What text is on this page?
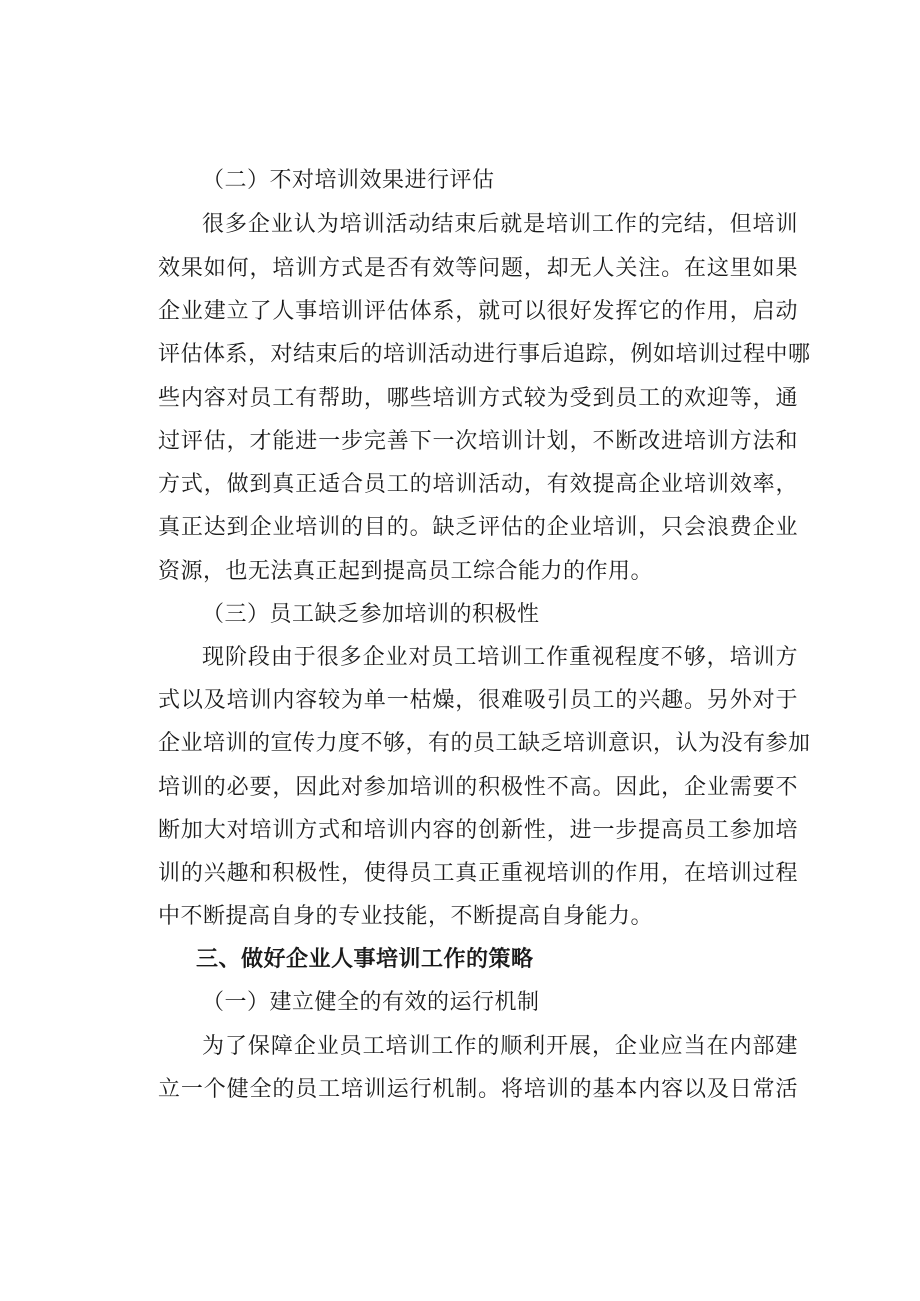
（二）不对培训效果进行评估
很多企业认为培训活动结束后就是培训工作的完结，但培训
效果如何，培训方式是否有效等问题，却无人关注。在这里如果
企业建立了人事培训评估体系，就可以很好发挥它的作用，启动
评估体系，对结束后的培训活动进行事后追踪，例如培训过程中哪
些内容对员工有帮助，哪些培训方式较为受到员工的欢迎等，通
过评估，才能进一步完善下一次培训计划，不断改进培训方法和
方式，做到真正适合员工的培训活动，有效提高企业培训效率，
真正达到企业培训的目的。缺乏评估的企业培训，只会浪费企业
资源，也无法真正起到提高员工综合能力的作用。
（三）员工缺乏参加培训的积极性
现阶段由于很多企业对员工培训工作重视程度不够，培训方
式以及培训内容较为单一枯燥，很难吸引员工的兴趣。另外对于
企业培训的宣传力度不够，有的员工缺乏培训意识，认为没有参加
培训的必要，因此对参加培训的积极性不高。因此，企业需要不
断加大对培训方式和培训内容的创新性，进一步提高员工参加培
训的兴趣和积极性，使得员工真正重视培训的作用，在培训过程
中不断提高自身的专业技能，不断提高自身能力。
三、做好企业人事培训工作的策略
（一）建立健全的有效的运行机制
为了保障企业员工培训工作的顺利开展，企业应当在内部建
立一个健全的员工培训运行机制。将培训的基本内容以及日常活
